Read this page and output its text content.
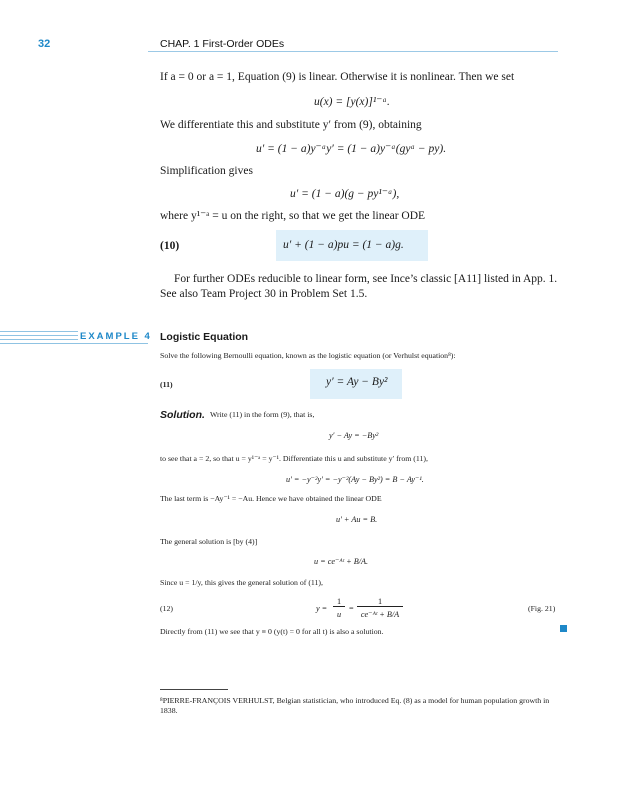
32	CHAP. 1 First-Order ODEs
If a = 0 or a = 1, Equation (9) is linear. Otherwise it is nonlinear. Then we set
u(x) = [y(x)]¹⁻ᵃ.
We differentiate this and substitute y′ from (9), obtaining
u′ = (1 − a)y⁻ᵃy′ = (1 − a)y⁻ᵃ(gyᵃ − py).
Simplification gives
u′ = (1 − a)(g − py¹⁻ᵃ),
where y¹⁻ᵃ = u on the right, so that we get the linear ODE
(10)	u′ + (1 − a)pu = (1 − a)g.
For further ODEs reducible to linear form, see Ince’s classic [A11] listed in App. 1. See also Team Project 30 in Problem Set 1.5.
EXAMPLE 4 Logistic Equation
Solve the following Bernoulli equation, known as the logistic equation (or Verhulst equation⁸):
(11)	y′ = Ay − By²
Solution. Write (11) in the form (9), that is,
y′ − Ay = −By²
to see that a = 2, so that u = y¹⁻ᵃ = y⁻¹. Differentiate this u and substitute y′ from (11),
u′ = −y⁻²y′ = −y⁻²(Ay − By²) = B − Ay⁻¹.
The last term is −Ay⁻¹ = −Au. Hence we have obtained the linear ODE
u′ + Au = B.
The general solution is [by (4)]
u = ce⁻ᴬᵗ + B/A.
Since u = 1/y, this gives the general solution of (11),
(12)	y =
1
u
=
1
ce⁻ᴬᵗ + B/A
(Fig. 21)
Directly from (11) we see that y ≡ 0 (y(t) = 0 for all t) is also a solution.
⁸PIERRE-FRANÇOIS VERHULST, Belgian statistician, who introduced Eq. (8) as a model for human population growth in 1838.
